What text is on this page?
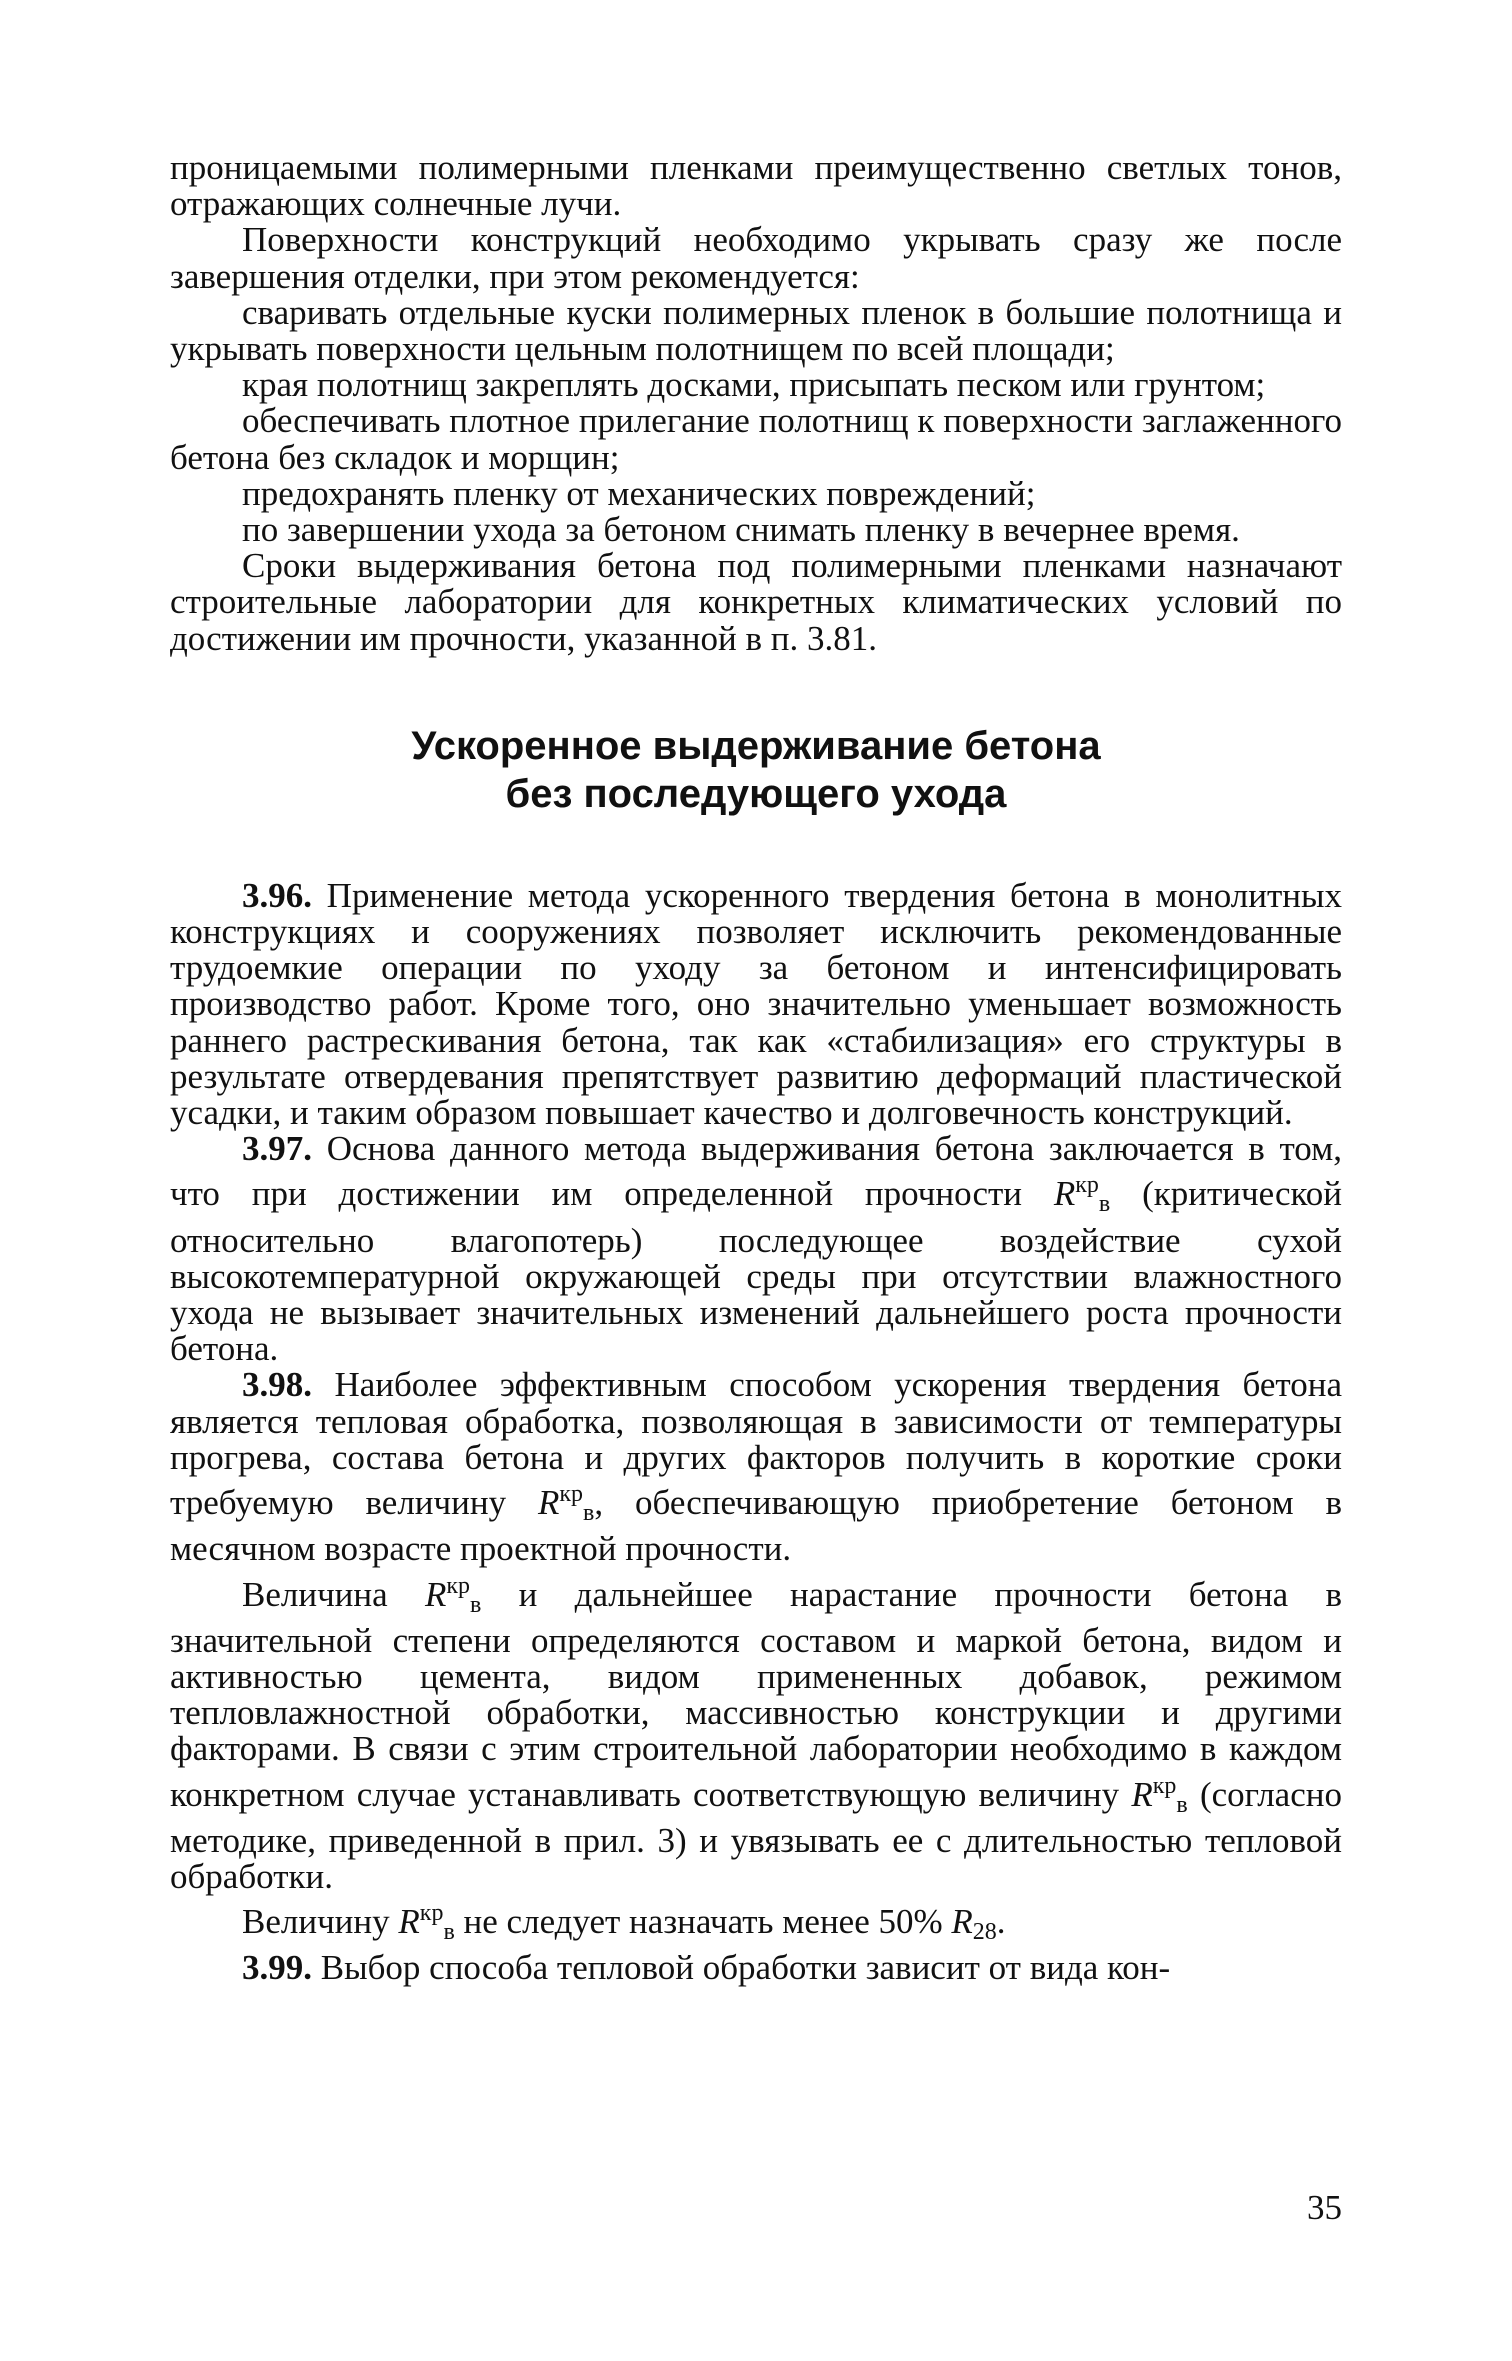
проницаемыми полимерными пленками преимущественно светлых тонов, отражающих солнечные лучи.

Поверхности конструкций необходимо укрывать сразу же после завершения отделки, при этом рекомендуется:

сваривать отдельные куски полимерных пленок в большие полотнища и укрывать поверхности цельным полотнищем по всей площади;

края полотнищ закреплять досками, присыпать песком или грунтом;

обеспечивать плотное прилегание полотнищ к поверхности заглаженного бетона без складок и морщин;

предохранять пленку от механических повреждений;

по завершении ухода за бетоном снимать пленку в вечернее время.

Сроки выдерживания бетона под полимерными пленками назначают строительные лаборатории для конкретных климатических условий по достижении им прочности, указанной в п. 3.81.

Ускоренное выдерживание бетона
без последующего ухода

3.96. Применение метода ускоренного твердения бетона в монолитных конструкциях и сооружениях позволяет исключить рекомендованные трудоемкие операции по уходу за бетоном и интенсифицировать производство работ. Кроме того, оно значительно уменьшает возможность раннего растрескивания бетона, так как «стабилизация» его структуры в результате отвердевания препятствует развитию деформаций пластической усадки, и таким образом повышает качество и долговечность конструкций.

3.97. Основа данного метода выдерживания бетона заключается в том, что при достижении им определенной прочности $R^{кр}_в$ (критической относительно влагопотерь) последующее воздействие сухой высокотемпературной окружающей среды при отсутствии влажностного ухода не вызывает значительных изменений дальнейшего роста прочности бетона.

3.98. Наиболее эффективным способом ускорения твердения бетона является тепловая обработка, позволяющая в зависимости от температуры прогрева, состава бетона и других факторов получить в короткие сроки требуемую величину $R^{кр}_в$, обеспечивающую приобретение бетоном в месячном возрасте проектной прочности.

Величина $R^{кр}_в$ и дальнейшее нарастание прочности бетона в значительной степени определяются составом и маркой бетона, видом и активностью цемента, видом примененных добавок, режимом тепловлажностной обработки, массивностью конструкции и другими факторами. В связи с этим строительной лаборатории необходимо в каждом конкретном случае устанавливать соответствующую величину $R^{кр}_в$ (согласно методике, приведенной в прил. 3) и увязывать ее с длительностью тепловой обработки.

Величину $R^{кр}_в$ не следует назначать менее 50% $R_{28}$.

3.99. Выбор способа тепловой обработки зависит от вида кон-

35
